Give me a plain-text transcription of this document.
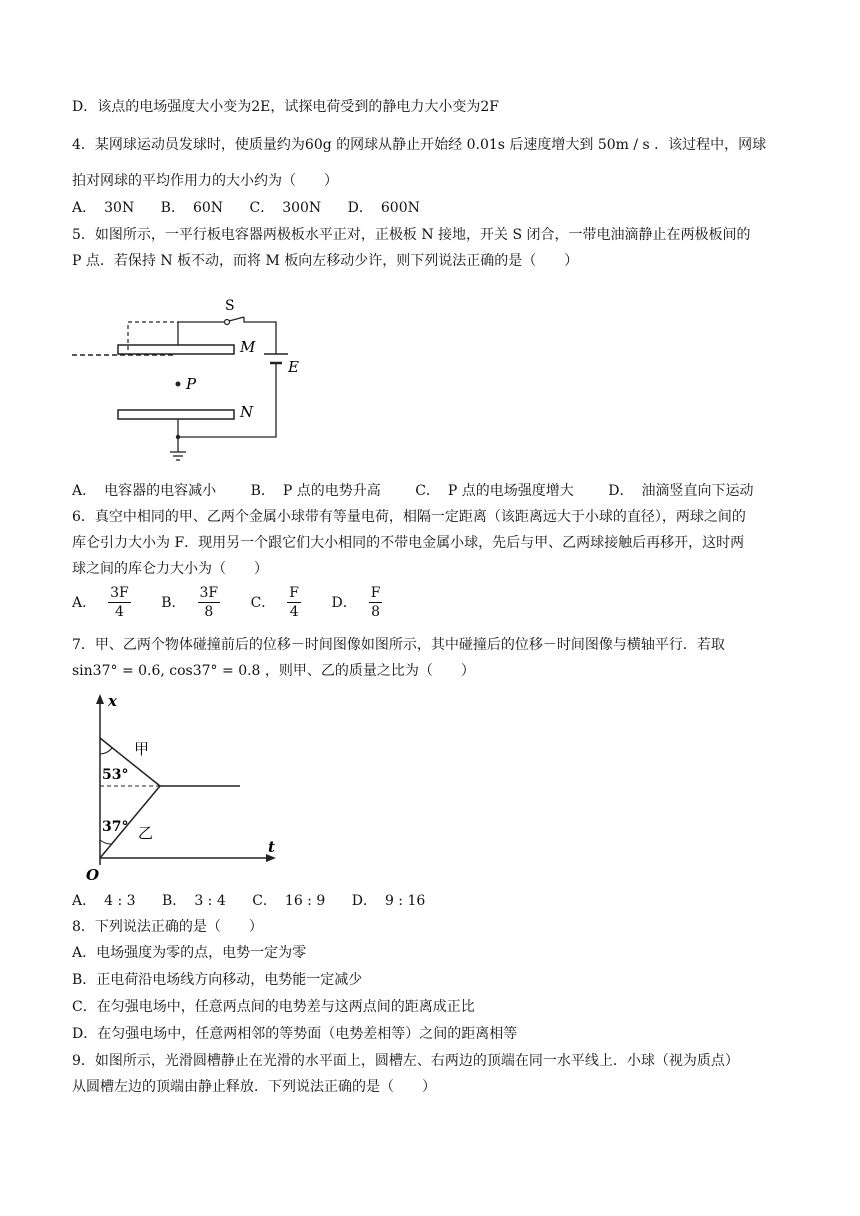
D．该点的电场强度大小变为2E，试探电荷受到的静电力大小变为2F
4．某网球运动员发球时，使质量约为60g 的网球从静止开始经 0.01s 后速度增大到 50m / s ．该过程中，网球
拍对网球的平均作用力的大小约为（　　）
A． 30N B． 60N C． 300N D． 600N
5．如图所示，一平行板电容器两极板水平正对，正极板 N 接地，开关 S 闭合，一带电油滴静止在两极板间的
P 点．若保持 N 板不动，而将 M 板向左移动少许，则下列说法正确的是（　　）
M
S
E
P
N
A． 电容器的电容减小 B． P 点的电势升高 C． P 点的电场强度增大 D． 油滴竖直向下运动
6．真空中相同的甲、乙两个金属小球带有等量电荷，相隔一定距离（该距离远大于小球的直径），两球之间的
库仑引力大小为 F．现用另一个跟它们大小相同的不带电金属小球，先后与甲、乙两球接触后再移开，这时两
球之间的库仑力大小为（　　）
A． $\frac{3F}{4}$ B． $\frac{3F}{8}$ C． $\frac{F}{4}$ D． $\frac{F}{8}$
7．甲、乙两个物体碰撞前后的位移－时间图像如图所示，其中碰撞后的位移－时间图像与横轴平行．若取
sin37° = 0.6, cos37° = 0.8 ，则甲、乙的质量之比为（　　）
x
t
O
53°
37°
甲
乙
A． 4 : 3 B． 3 : 4 C． 16 : 9 D． 9 : 16
8．下列说法正确的是（　　）
A．电场强度为零的点，电势一定为零
B．正电荷沿电场线方向移动，电势能一定减少
C．在匀强电场中，任意两点间的电势差与这两点间的距离成正比
D．在匀强电场中，任意两相邻的等势面（电势差相等）之间的距离相等
9．如图所示，光滑圆槽静止在光滑的水平面上，圆槽左、右两边的顶端在同一水平线上．小球（视为质点）
从圆槽左边的顶端由静止释放．下列说法正确的是（　　）
